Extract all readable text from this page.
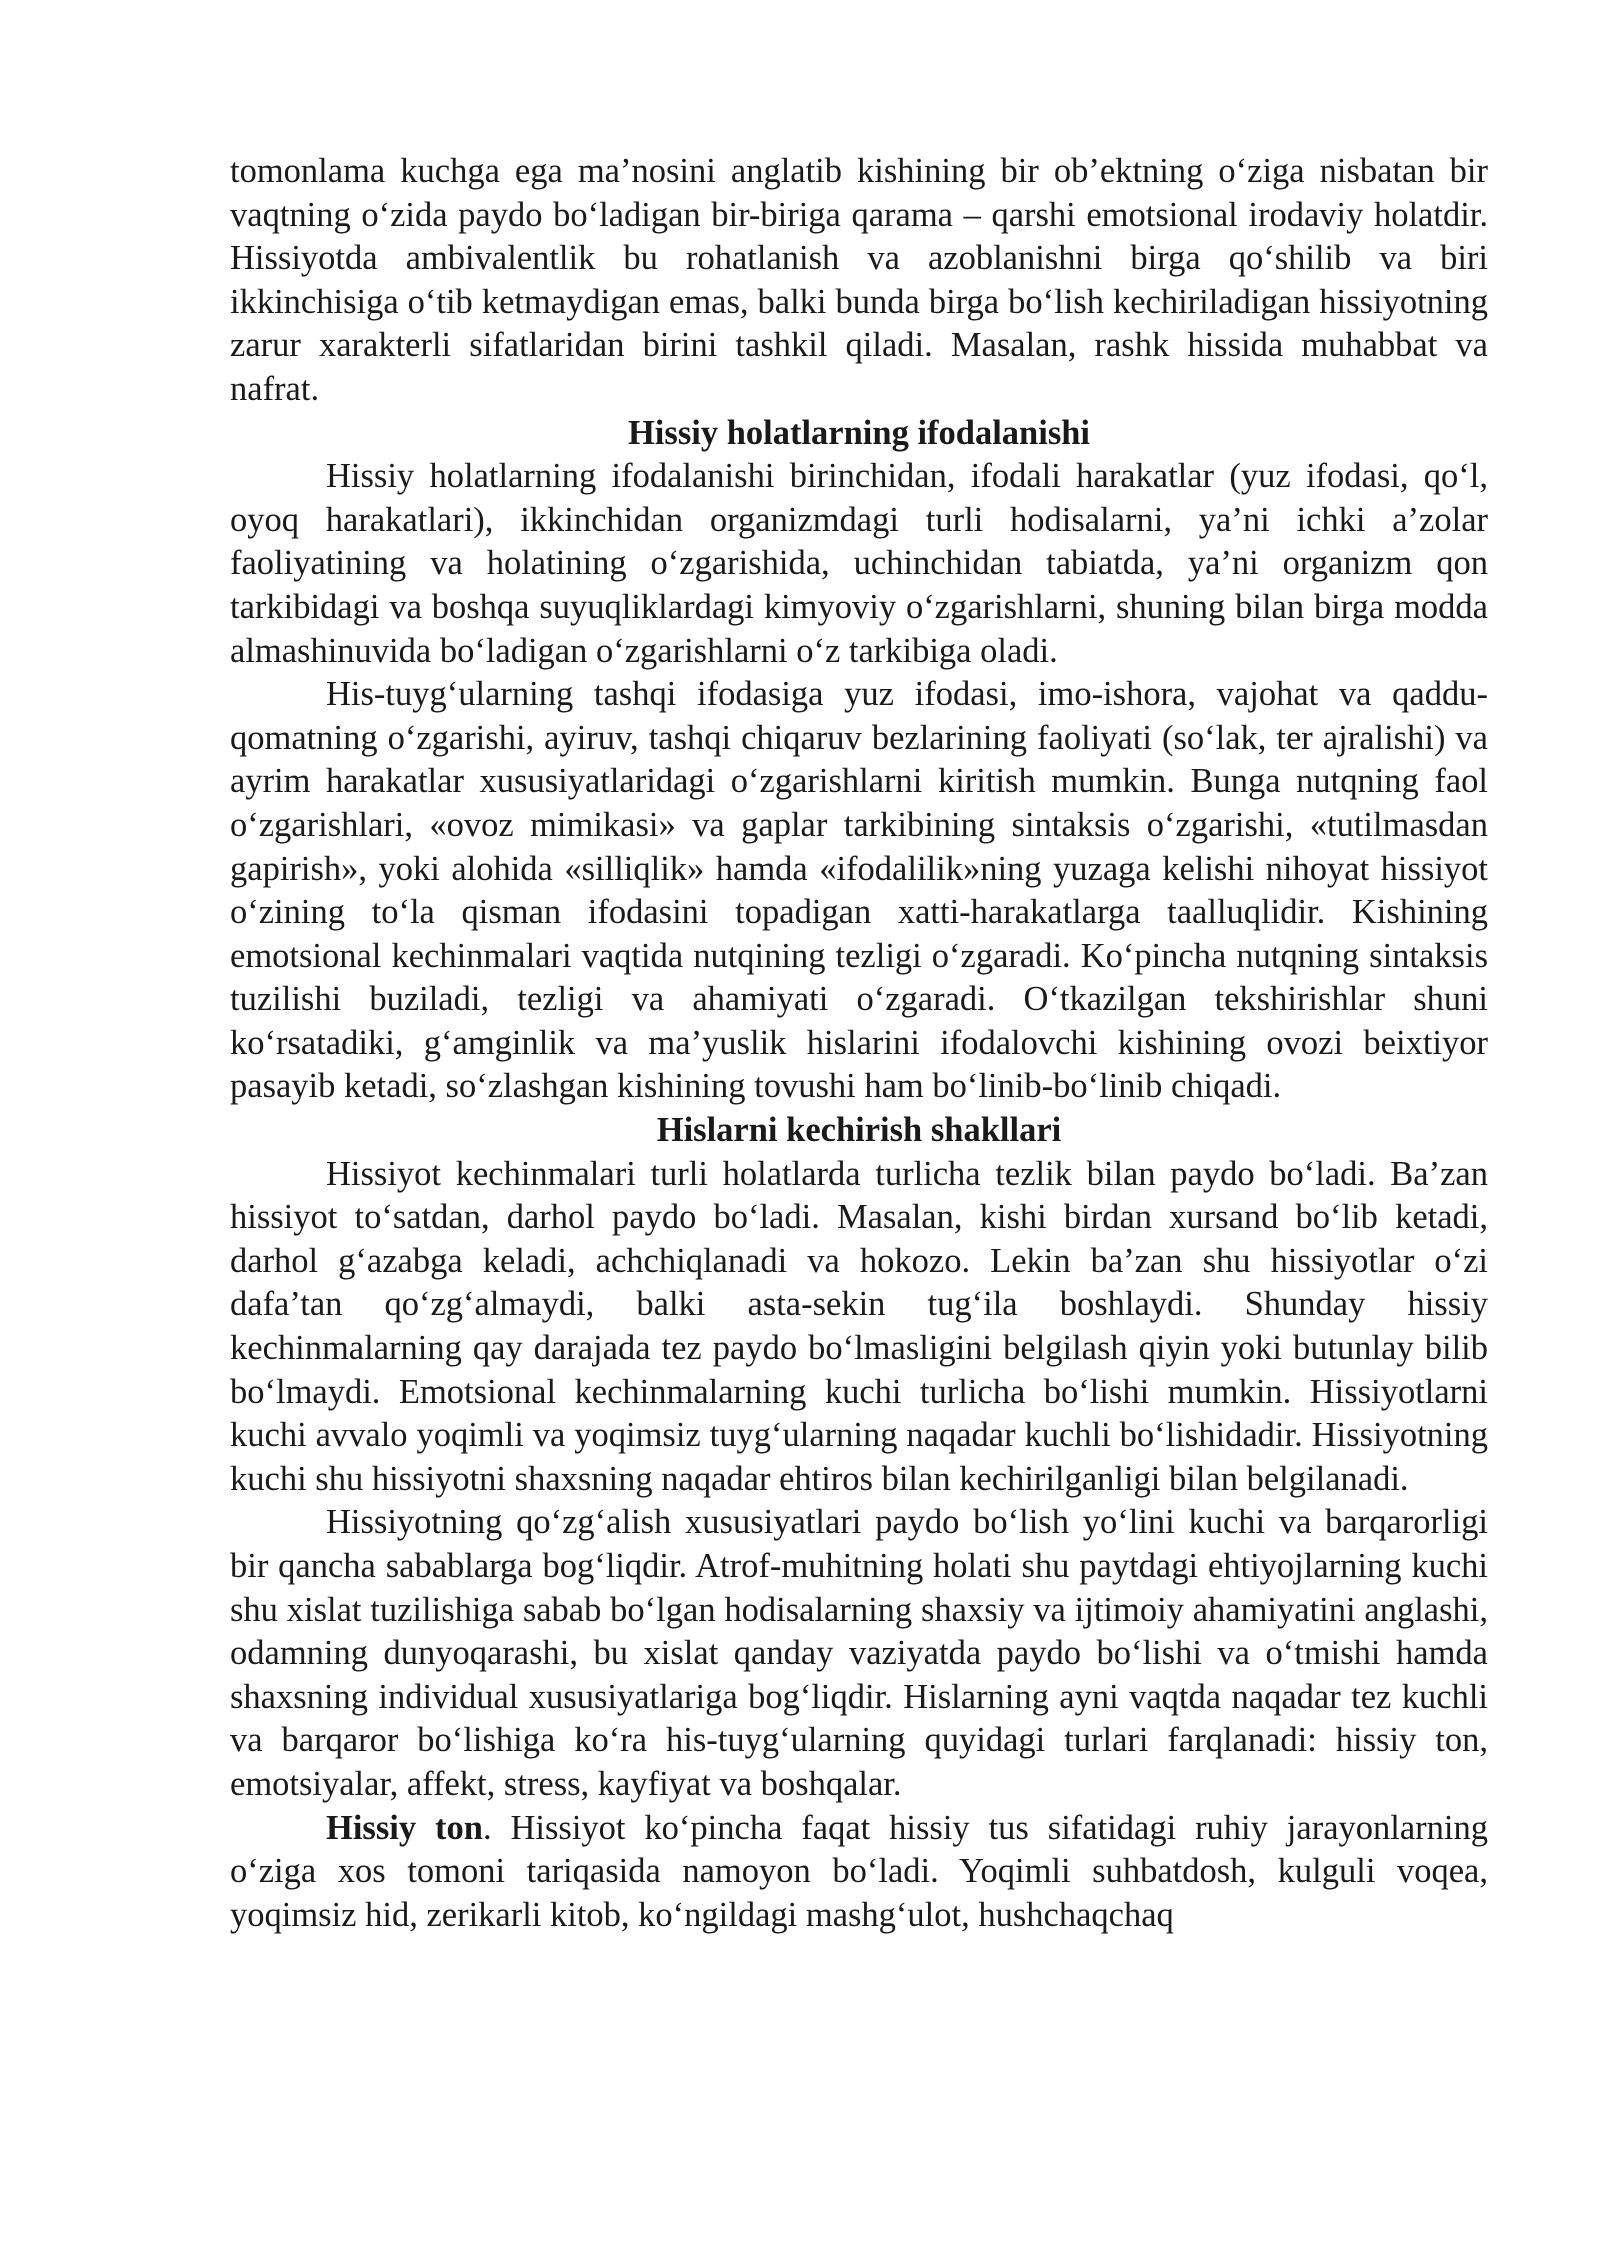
tomonlama kuchga ega ma’nosini anglatib kishining bir ob’ektning o‘ziga nisbatan bir vaqtning o‘zida paydo bo‘ladigan bir-biriga qarama – qarshi emotsional irodaviy holatdir. Hissiyotda ambivalentlik bu rohatlanish va azoblanishni birga qo‘shilib va biri ikkinchisiga o‘tib ketmaydigan emas, balki bunda birga bo‘lish kechiriladigan hissiyotning zarur xarakterli sifatlaridan birini tashkil qiladi. Masalan, rashk hissida muhabbat va nafrat.

Hissiy holatlarning ifodalanishi

Hissiy holatlarning ifodalanishi birinchidan, ifodali harakatlar (yuz ifodasi, qo‘l, oyoq harakatlari), ikkinchidan organizmdagi turli hodisalarni, ya’ni ichki a’zolar faoliyatining va holatining o‘zgarishida, uchinchidan tabiatda, ya’ni organizm qon tarkibidagi va boshqa suyuqliklardagi kimyoviy o‘zgarishlarni, shuning bilan birga modda almashinuvida bo‘ladigan o‘zgarishlarni o‘z tarkibiga oladi.

His-tuyg‘ularning tashqi ifodasiga yuz ifodasi, imo-ishora, vajohat va qaddu-qomatning o‘zgarishi, ayiruv, tashqi chiqaruv bezlarining faoliyati (so‘lak, ter ajralishi) va ayrim harakatlar xususiyatlaridagi o‘zgarishlarni kiritish mumkin. Bunga nutqning faol o‘zgarishlari, «ovoz mimikasi» va gaplar tarkibining sintaksis o‘zgarishi, «tutilmasdan gapirish», yoki alohida «silliqlik» hamda «ifodalilik»ning yuzaga kelishi nihoyat hissiyot o‘zining to‘la qisman ifodasini topadigan xatti-harakatlarga taalluqlidir. Kishining emotsional kechinmalari vaqtida nutqining tezligi o‘zgaradi. Ko‘pincha nutqning sintaksis tuzilishi buziladi, tezligi va ahamiyati o‘zgaradi. O‘tkazilgan tekshirishlar shuni ko‘rsatadiki, g‘amginlik va ma’yuslik hislarini ifodalovchi kishining ovozi beixtiyor pasayib ketadi, so‘zlashgan kishining tovushi ham bo‘linib-bo‘linib chiqadi.

Hislarni kechirish shakllari

Hissiyot kechinmalari turli holatlarda turlicha tezlik bilan paydo bo‘ladi. Ba’zan hissiyot to‘satdan, darhol paydo bo‘ladi. Masalan, kishi birdan xursand bo‘lib ketadi, darhol g‘azabga keladi, achchiqlanadi va hokozo. Lekin ba’zan shu hissiyotlar o‘zi dafa’tan qo‘zg‘almaydi, balki asta-sekin tug‘ila boshlaydi. Shunday hissiy kechinmalarning qay darajada tez paydo bo‘lmasligini belgilash qiyin yoki butunlay bilib bo‘lmaydi. Emotsional kechinmalarning kuchi turlicha bo‘lishi mumkin. Hissiyotlarni kuchi avvalo yoqimli va yoqimsiz tuyg‘ularning naqadar kuchli bo‘lishidadir. Hissiyotning kuchi shu hissiyotni shaxsning naqadar ehtiros bilan kechirilganligi bilan belgilanadi.

Hissiyotning qo‘zg‘alish xususiyatlari paydo bo‘lish yo‘lini kuchi va barqarorligi bir qancha sabablarga bog‘liqdir. Atrof-muhitning holati shu paytdagi ehtiyojlarning kuchi shu xislat tuzilishiga sabab bo‘lgan hodisalarning shaxsiy va ijtimoiy ahamiyatini anglashi, odamning dunyoqarashi, bu xislat qanday vaziyatda paydo bo‘lishi va o‘tmishi hamda shaxsning individual xususiyatlariga bog‘liqdir. Hislarning ayni vaqtda naqadar tez kuchli va barqaror bo‘lishiga ko‘ra his-tuyg‘ularning quyidagi turlari farqlanadi: hissiy ton, emotsiyalar, affekt, stress, kayfiyat va boshqalar.

Hissiy ton. Hissiyot ko‘pincha faqat hissiy tus sifatidagi ruhiy jarayonlarning o‘ziga xos tomoni tariqasida namoyon bo‘ladi. Yoqimli suhbatdosh, kulguli voqea, yoqimsiz hid, zerikarli kitob, ko‘ngildagi mashg‘ulot, hushchaqchaq
